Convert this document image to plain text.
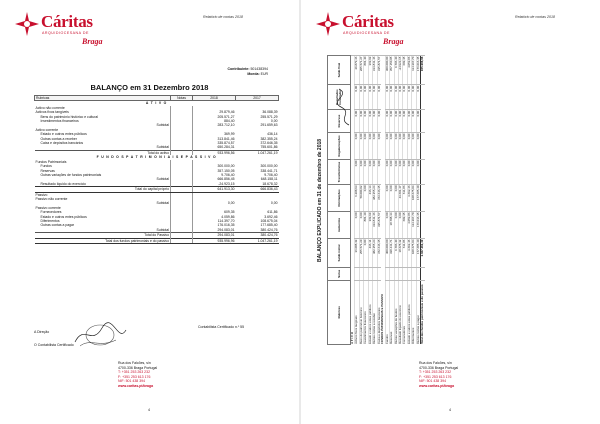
Cáritas
ARQUIDIOCESANA DE
Braga
Relatório de contas 2018
Contribuinte: 501438394
Moeda: EUR
BALANÇO em 31 Dezembro 2018
Rubricas	Notas	2018	2017
A T I V O			
Activo não corrente			
Activos fixos tangíveis		29.879,46	36.088,39
Bens do património histórico e cultural		205.571,27	255.571,29
Investimentos financeiros		884,40	0,00
Subtotal		283.712,10	291.659,63
Activo corrente			
Estado e outros entes públicos		369,99	436,14
Outras contas a receber		313.841,46	382.355,24
Caixa e depósitos bancários		335.874,57	372.646,35
Subtotal		650.284,31	755.601,86
Total do activo		933.996,56	1.047.261,19
F U N D O S P A T R I M O N I A I S E P A S S I V O			
Fundos Patrimoniais			
Fundos		300.000,00	300.000,00
Reservas		357.150,05	338.441,71
Outras variações de fundos patrimoniais		9.706,40	9.706,40

Subtotal		666.856,45	648.158,11
Resultado líquido do exercício		-24.923,15	18.678,32
Total do capital próprio		641.913,30	666.836,43
Passivo			
Passivo não corrente			
Subtotal		0,00	0,00
Passivo corrente			
Fornecedores		609,35	611,86
Estado e outros entes públicos		4.059,86	3.692,46
Diferimentos		114.397,70	108.675,04
Outras contas a pagar		176.016,35	177.685,40

Subtotal		294.083,01	380.424,76
Total do Passivo		294.083,01	380.424,76
Total dos fundos patrimoniais e do passivo		935.996,96	1.047.261,19
A Direção
O Contabilista Certificado
Contabilista Certificado n.º 55
Rua dos Falcões, s/n
4700-336 Braga Portugal
T: +351 253 263 232
F: +351 253 613 176
NIF: 501 438 394
www.caritas.pt/braga
4
Cáritas
ARQUIDIOCESANA DE
Braga
Relatório de contas 2018
BALANÇO EXPLICADO em 31 de dezembro de 2018
Rubricas	Notas	Saldo inicial	Aumentos	Diminuições	Transferências	Regularizações	Reservas	Resultados transitados	Saldo final
A T I V O									
Activos fixos tangíveis		36.088,39	0,00	6.208,93	0,00	0,00	0,00	0,00	29.879,46
Bens do património histórico		255.571,29	0,00	50.000,02	0,00	0,00	0,00	0,00	205.571,27
Investimentos financeiros		0,00	884,40	0,00	0,00	0,00	0,00	0,00	884,40
Estado e outros entes públicos		436,14	369,99	436,14	0,00	0,00	0,00	0,00	369,99
Outras contas a receber		382.355,24	313.841,46	382.355,24	0,00	0,00	0,00	0,00	313.841,46
Caixa e depósitos bancários		372.646,35	335.874,57	372.646,35	0,00	0,00	0,00	0,00	335.874,57
FUNDOS PATRIMONIAIS E PASSIVO									
Fundos		300.000,00	0,00	0,00	0,00	0,00	0,00	0,00	300.000,00
Reservas		338.441,71	18.708,34	0,00	0,00	0,00	0,00	0,00	357.150,05
Outras variações de fundos		9.706,40	0,00	0,00	0,00	0,00	0,00	0,00	9.706,40
Resultado líquido do exercício		18.678,32	0,00	43.601,47	0,00	0,00	0,00	0,00	-24.923,15
Fornecedores		611,86	609,35	611,86	0,00	0,00	0,00	0,00	609,35
Estado e outros entes públicos		3.692,46	4.059,86	3.692,46	0,00	0,00	0,00	0,00	4.059,86
Diferimentos		108.675,04	114.397,70	108.675,04	0,00	0,00	0,00	0,00	114.397,70
Outras contas a pagar		177.685,40	176.016,35	177.685,40	0,00	0,00	0,00	0,00	176.016,35
Total dos fundos patrimoniais e do passivo		1.047.261,19							935.996,96
Rua dos Falcões, s/n
4700-336 Braga Portugal
T: +351 253 263 232
F: +351 253 613 176
NIF: 501 438 394
www.caritas.pt/braga
4
